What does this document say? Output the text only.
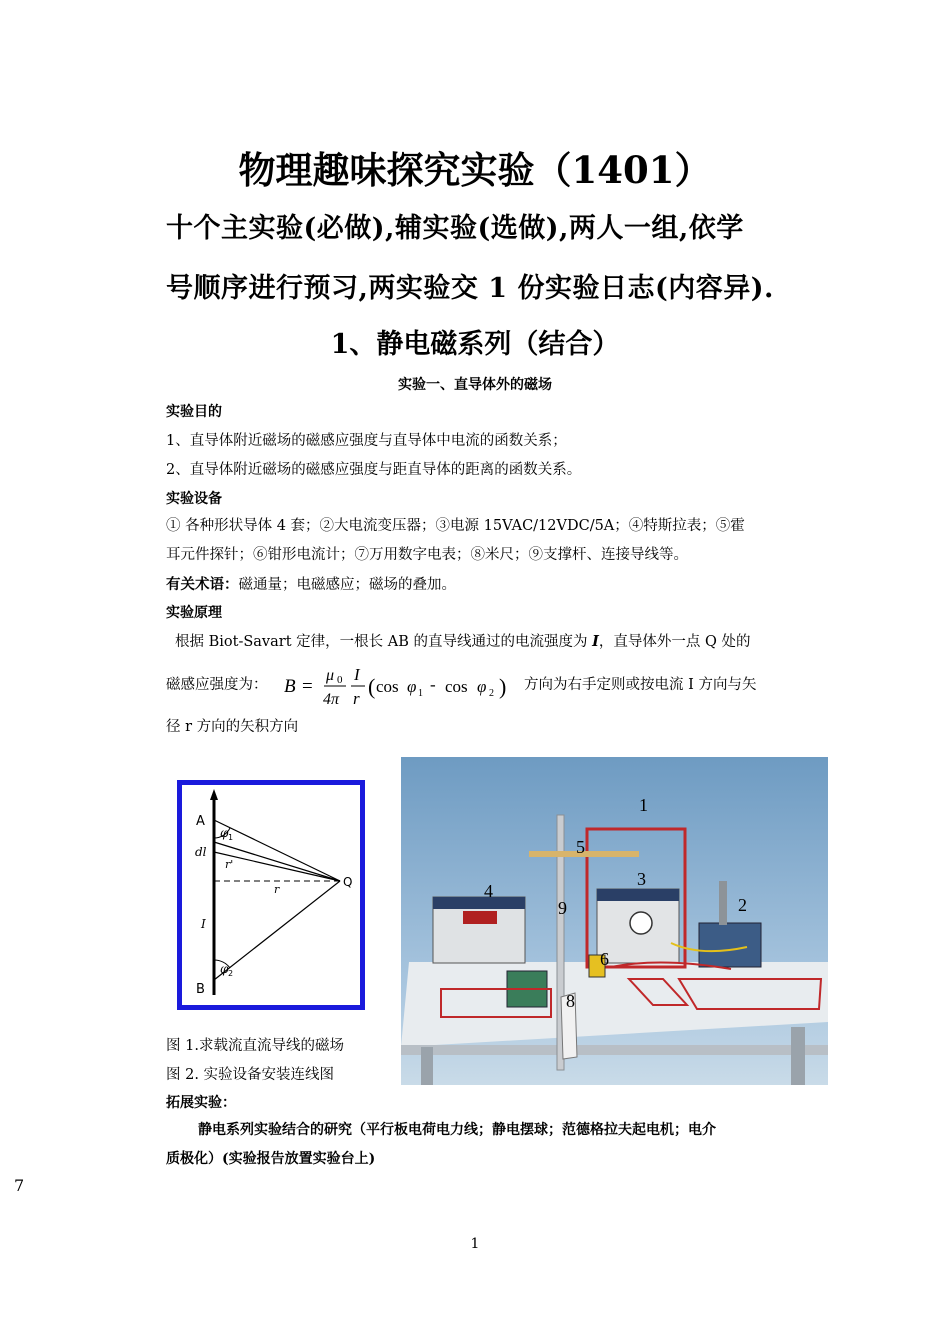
物理趣味探究实验（1401）
十个主实验(必做),辅实验(选做),两人一组,依学
号顺序进行预习,两实验交 1 份实验日志(内容异).
1、静电磁系列（结合）
实验一、直导体外的磁场
实验目的
1、直导体附近磁场的磁感应强度与直导体中电流的函数关系；
2、直导体附近磁场的磁感应强度与距直导体的距离的函数关系。
实验设备
① 各种形状导体 4 套；②大电流变压器；③电源 15VAC/12VDC/5A；④特斯拉表；⑤霍
耳元件探针；⑥钳形电流计；⑦万用数字电表；⑧米尺；⑨支撑杆、连接导线等。
有关术语：磁通量；电磁感应；磁场的叠加。
实验原理
根据 Biot-Savart 定律，一根长 AB 的直导线通过的电流强度为 I，直导体外一点 Q 处的
磁感应强度为： B =
μ 0
4π
I
r ( cos φ 1 - cos φ 2 ) 方向为右手定则或按电流 I 方向与矢
径 r 方向的矢积方向
A
B
dl
I
Q
r'
r
φ 1
φ 2
1
2
3
4
5
6
8
9
图 1.求载流直流导线的磁场
图 2. 实验设备安装连线图
拓展实验：
静电系列实验结合的研究（平行板电荷电力线；静电摆球；范德格拉夫起电机；电介
质极化）(实验报告放置实验台上)
7
1
